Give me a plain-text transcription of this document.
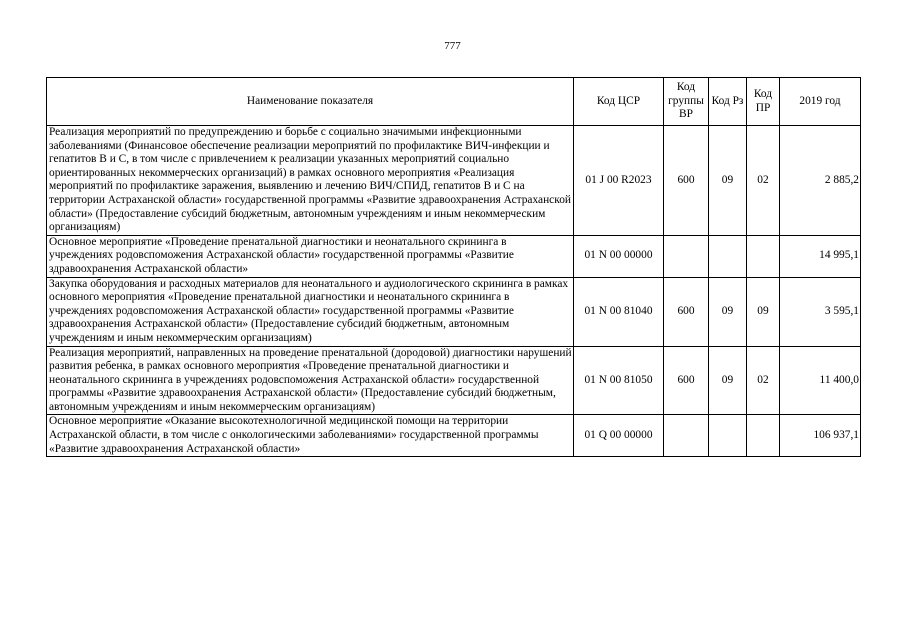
777
Наименование показателя	Код ЦСР	Код группы ВР	Код Рз	Код ПР	2019 год
Реализация мероприятий по предупреждению и борьбе с социально значимыми инфекционными заболеваниями (Финансовое обеспечение реализации мероприятий по профилактике ВИЧ-инфекции и гепатитов В и С, в том числе с привлечением к реализации указанных мероприятий социально ориентированных некоммерческих организаций) в рамках основного мероприятия «Реализация мероприятий по профилактике заражения, выявлению и лечению ВИЧ/СПИД, гепатитов В и С на территории Астраханской области» государственной программы «Развитие здравоохранения Астраханской области» (Предоставление субсидий бюджетным, автономным учреждениям и иным некоммерческим организациям)	01 J 00 R2023	600	09	02	2 885,2
Основное мероприятие «Проведение пренатальной диагностики и неонатального скрининга в учреждениях родовспоможения Астраханской области» государственной программы «Развитие здравоохранения Астраханской области»	01 N 00 00000				14 995,1
Закупка оборудования и расходных материалов для неонатального и аудиологического скрининга в рамках основного мероприятия «Проведение пренатальной диагностики и неонатального скрининга в учреждениях родовспоможения Астраханской области» государственной программы «Развитие здравоохранения Астраханской области» (Предоставление субсидий бюджетным, автономным учреждениям и иным некоммерческим организациям)	01 N 00 81040	600	09	09	3 595,1
Реализация мероприятий, направленных на проведение пренатальной (дородовой) диагностики нарушений развития ребенка, в рамках основного мероприятия «Проведение пренатальной диагностики и неонатального скрининга в учреждениях родовспоможения Астраханской области» государственной программы «Развитие здравоохранения Астраханской области» (Предоставление субсидий бюджетным, автономным учреждениям и иным некоммерческим организациям)	01 N 00 81050	600	09	02	11 400,0
Основное мероприятие «Оказание высокотехнологичной медицинской помощи на территории Астраханской области, в том числе с онкологическими заболеваниями» государственной программы «Развитие здравоохранения Астраханской области»	01 Q 00 00000				106 937,1
